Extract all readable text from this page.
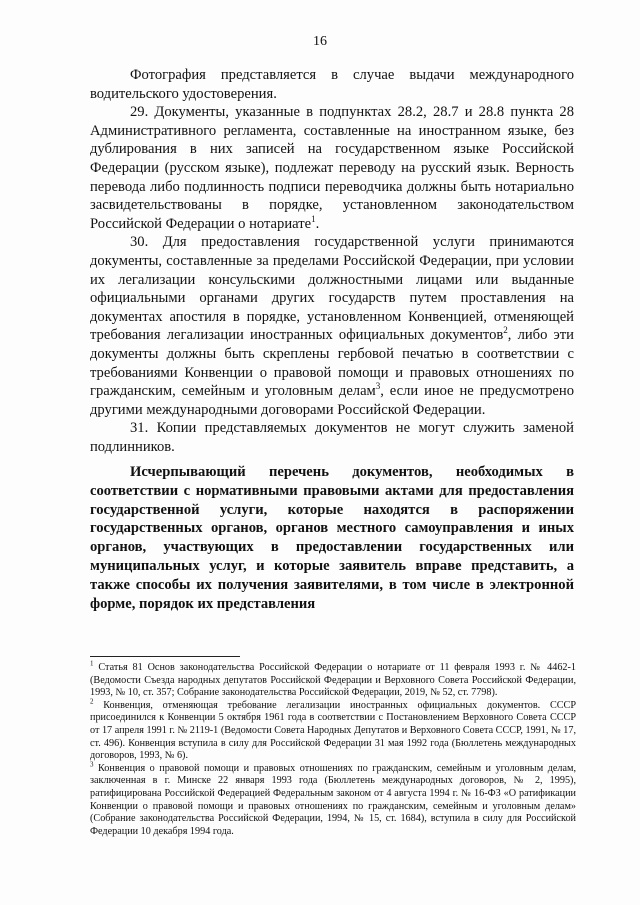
16

Фотография представляется в случае выдачи международного водительского удостоверения.

29. Документы, указанные в подпунктах 28.2, 28.7 и 28.8 пункта 28 Административного регламента, составленные на иностранном языке, без дублирования в них записей на государственном языке Российской Федерации (русском языке), подлежат переводу на русский язык. Верность перевода либо подлинность подписи переводчика должны быть нотариально засвидетельствованы в порядке, установленном законодательством Российской Федерации о нотариате$^1$.

30. Для предоставления государственной услуги принимаются документы, составленные за пределами Российской Федерации, при условии их легализации консульскими должностными лицами или выданные официальными органами других государств путем проставления на документах апостиля в порядке, установленном Конвенцией, отменяющей требования легализации иностранных официальных документов$^2$, либо эти документы должны быть скреплены гербовой печатью в соответствии с требованиями Конвенции о правовой помощи и правовых отношениях по гражданским, семейным и уголовным делам$^3$, если иное не предусмотрено другими международными договорами Российской Федерации.

31. Копии представляемых документов не могут служить заменой подлинников.

Исчерпывающий перечень документов, необходимых в соответствии с нормативными правовыми актами для предоставления государственной услуги, которые находятся в распоряжении государственных органов, органов местного самоуправления и иных органов, участвующих в предоставлении государственных или муниципальных услуг, и которые заявитель вправе представить, а также способы их получения заявителями, в том числе в электронной форме, порядок их представления

$^1$ Статья 81 Основ законодательства Российской Федерации о нотариате от 11 февраля 1993 г. № 4462-1 (Ведомости Съезда народных депутатов Российской Федерации и Верховного Совета Российской Федерации, 1993, № 10, ст. 357; Собрание законодательства Российской Федерации, 2019, № 52, ст. 7798).

$^2$ Конвенция, отменяющая требование легализации иностранных официальных документов. СССР присоединился к Конвенции 5 октября 1961 года в соответствии с Постановлением Верховного Совета СССР от 17 апреля 1991 г. № 2119-1 (Ведомости Совета Народных Депутатов и Верховного Совета СССР, 1991, № 17, ст. 496). Конвенция вступила в силу для Российской Федерации 31 мая 1992 года (Бюллетень международных договоров, 1993, № 6).

$^3$ Конвенция о правовой помощи и правовых отношениях по гражданским, семейным и уголовным делам, заключенная в г. Минске 22 января 1993 года (Бюллетень международных договоров, № 2, 1995), ратифицирована Российской Федерацией Федеральным законом от 4 августа 1994 г. № 16-ФЗ «О ратификации Конвенции о правовой помощи и правовых отношениях по гражданским, семейным и уголовным делам» (Собрание законодательства Российской Федерации, 1994, № 15, ст. 1684), вступила в силу для Российской Федерации 10 декабря 1994 года.
